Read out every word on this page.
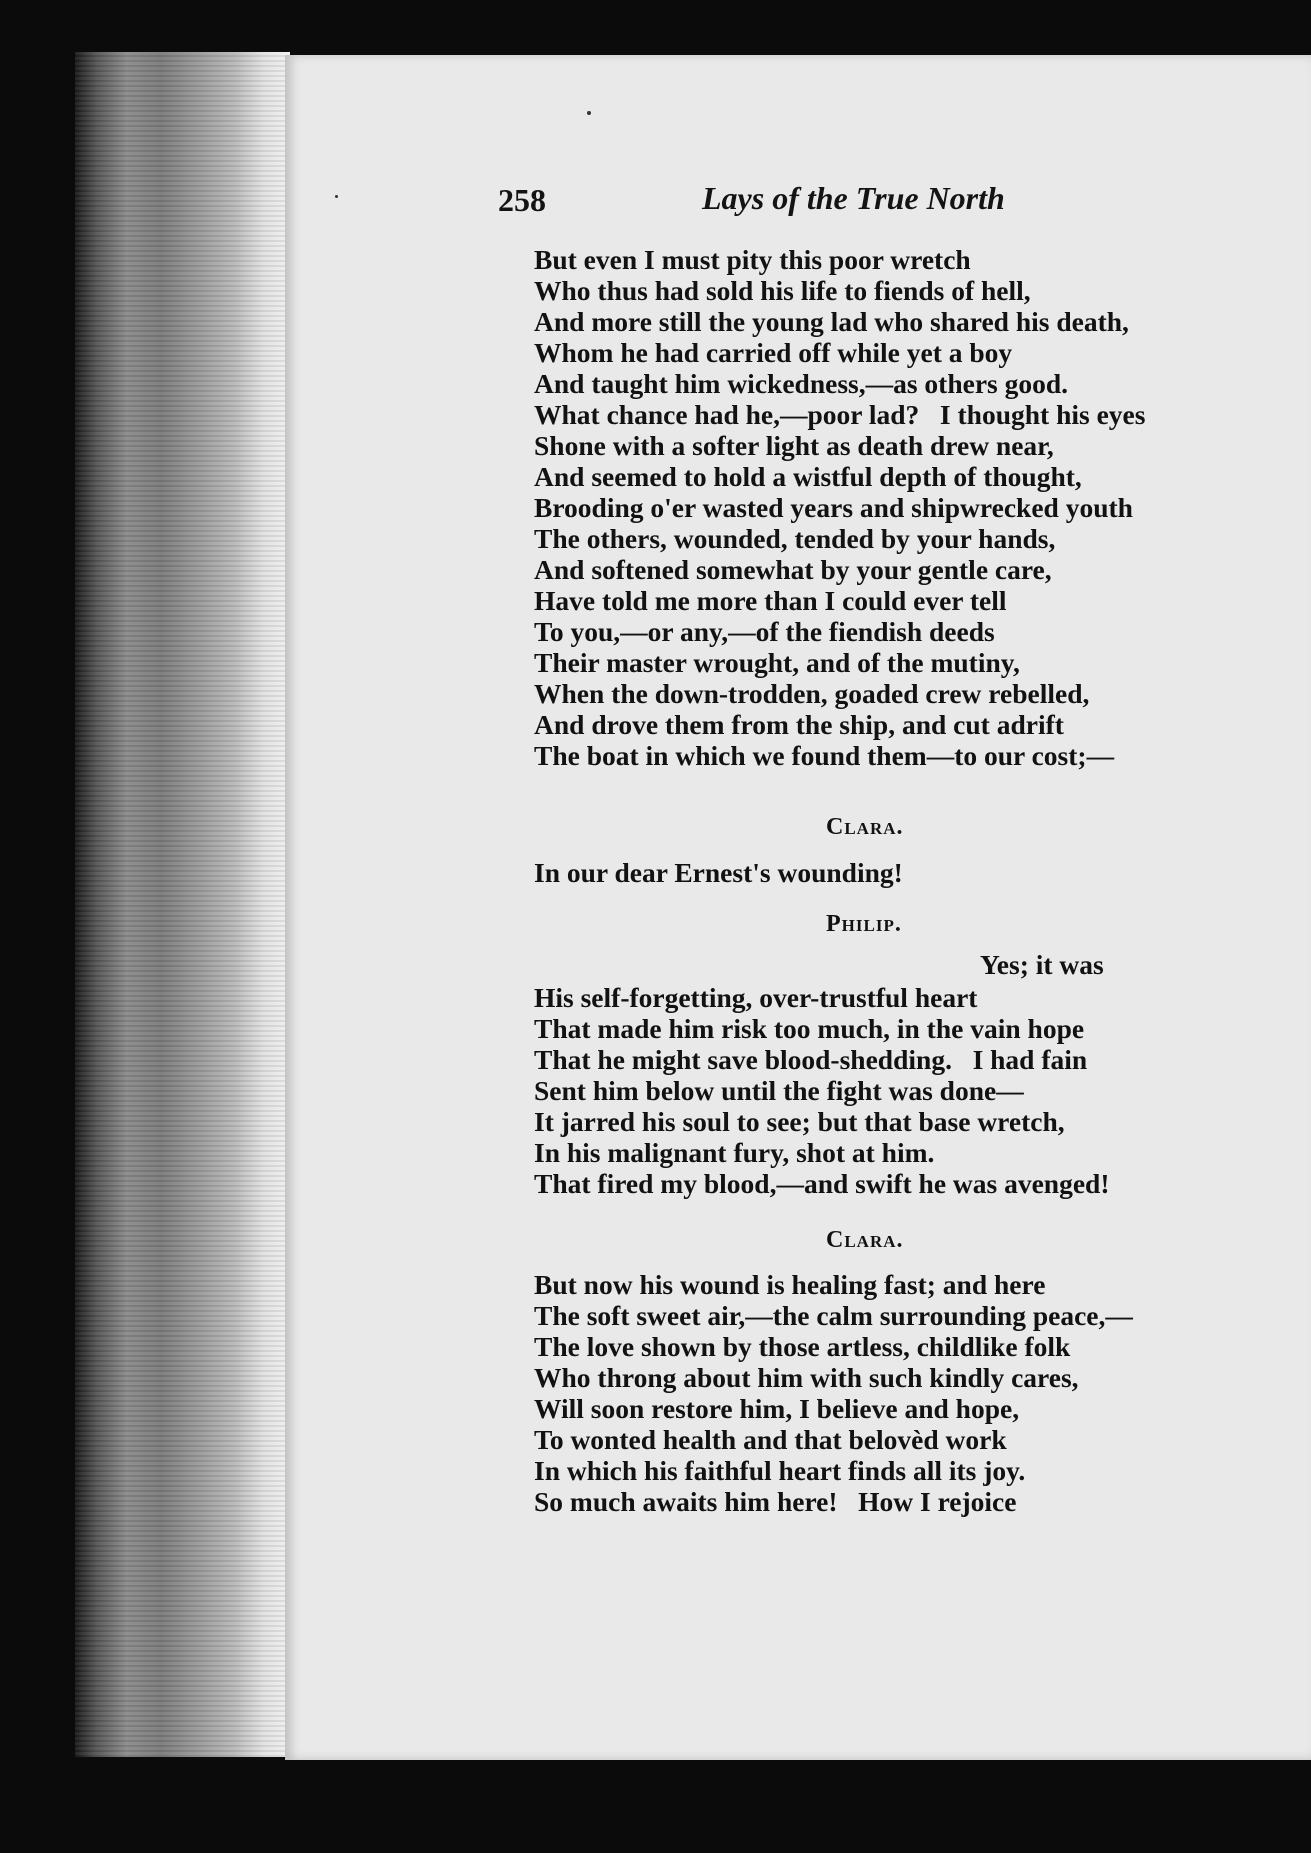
258	Lays of the True North
But even I must pity this poor wretch
Who thus had sold his life to fiends of hell,
And more still the young lad who shared his death,
Whom he had carried off while yet a boy
And taught him wickedness,—as others good.
What chance had he,—poor lad?   I thought his eyes
Shone with a softer light as death drew near,
And seemed to hold a wistful depth of thought,
Brooding o'er wasted years and shipwrecked youth
The others, wounded, tended by your hands,
And softened somewhat by your gentle care,
Have told me more than I could ever tell
To you,—or any,—of the fiendish deeds
Their master wrought, and of the mutiny,
When the down-trodden, goaded crew rebelled,
And drove them from the ship, and cut adrift
The boat in which we found them—to our cost;—
Clara.
In our dear Ernest's wounding!
Philip.
Yes; it was
His self-forgetting, over-trustful heart
That made him risk too much, in the vain hope
That he might save blood-shedding.   I had fain
Sent him below until the fight was done—
It jarred his soul to see; but that base wretch,
In his malignant fury, shot at him.
That fired my blood,—and swift he was avenged!
Clara.
But now his wound is healing fast; and here
The soft sweet air,—the calm surrounding peace,—
The love shown by those artless, childlike folk
Who throng about him with such kindly cares,
Will soon restore him, I believe and hope,
To wonted health and that belovèd work
In which his faithful heart finds all its joy.
So much awaits him here!   How I rejoice
